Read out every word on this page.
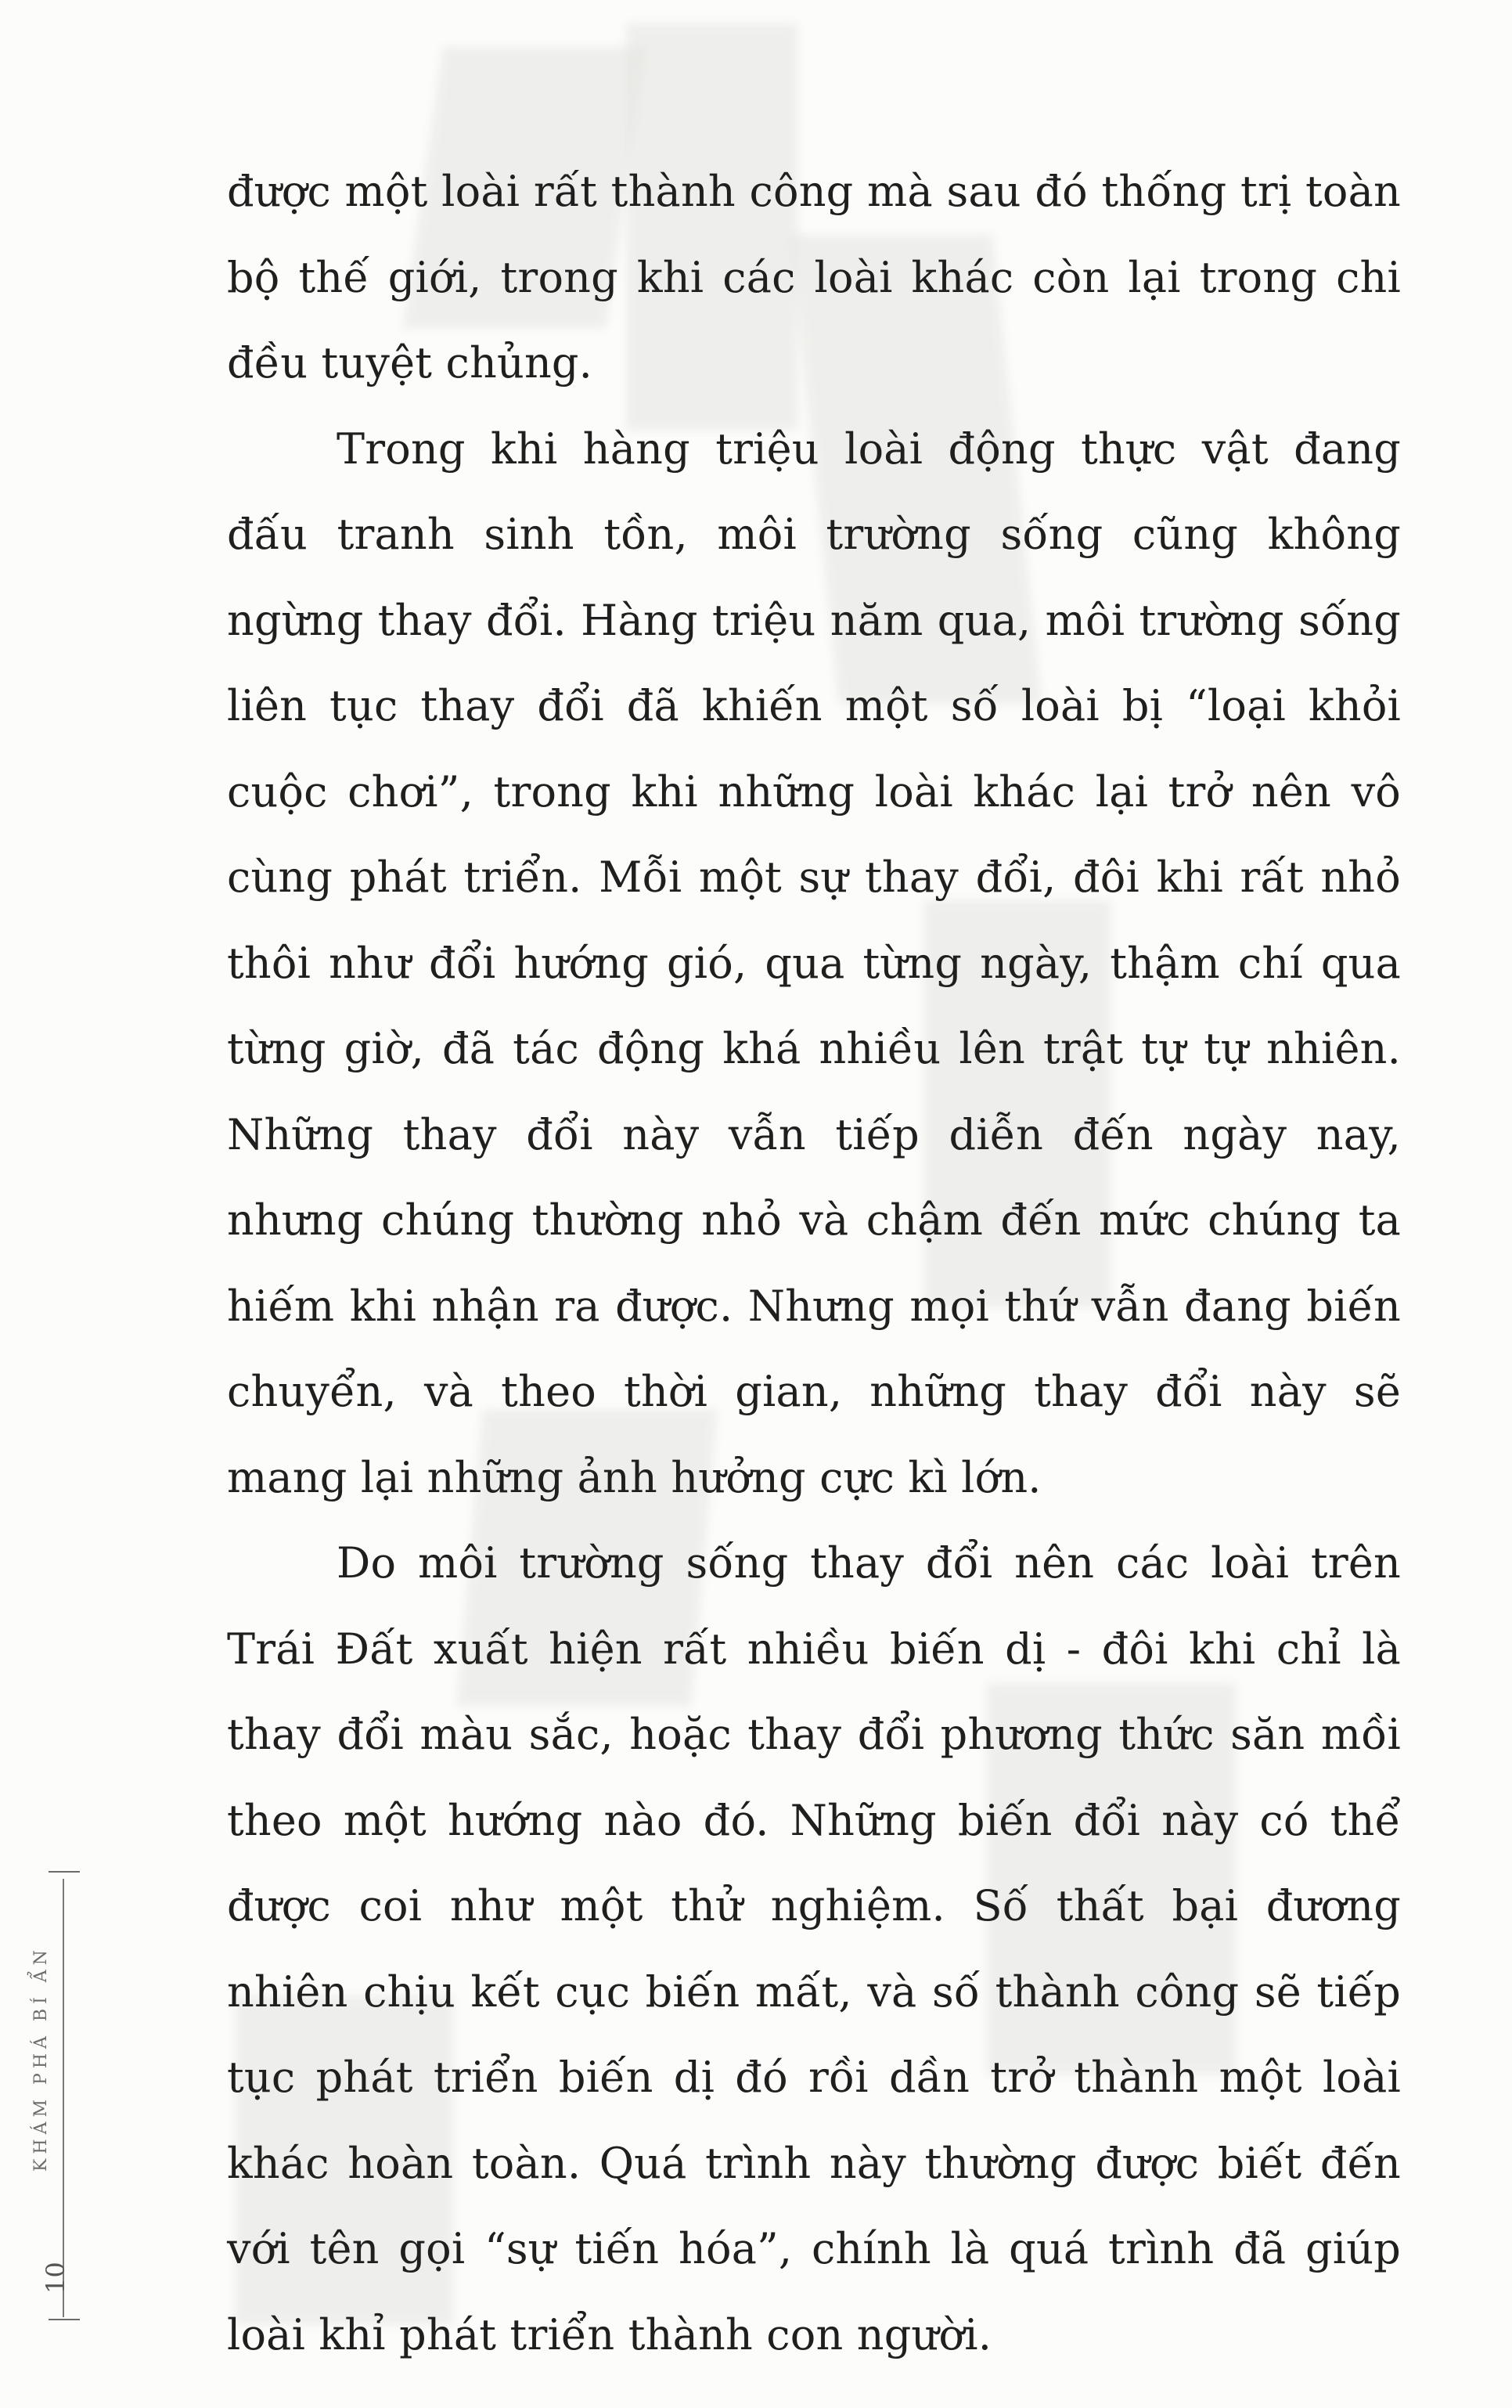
được một loài rất thành công mà sau đó thống trị toàn bộ thế giới, trong khi các loài khác còn lại trong chi đều tuyệt chủng.

Trong khi hàng triệu loài động thực vật đang đấu tranh sinh tồn, môi trường sống cũng không ngừng thay đổi. Hàng triệu năm qua, môi trường sống liên tục thay đổi đã khiến một số loài bị “loại khỏi cuộc chơi”, trong khi những loài khác lại trở nên vô cùng phát triển. Mỗi một sự thay đổi, đôi khi rất nhỏ thôi như đổi hướng gió, qua từng ngày, thậm chí qua từng giờ, đã tác động khá nhiều lên trật tự tự nhiên. Những thay đổi này vẫn tiếp diễn đến ngày nay, nhưng chúng thường nhỏ và chậm đến mức chúng ta hiếm khi nhận ra được. Nhưng mọi thứ vẫn đang biến chuyển, và theo thời gian, những thay đổi này sẽ mang lại những ảnh hưởng cực kì lớn.

Do môi trường sống thay đổi nên các loài trên Trái Đất xuất hiện rất nhiều biến dị - đôi khi chỉ là thay đổi màu sắc, hoặc thay đổi phương thức săn mồi theo một hướng nào đó. Những biến đổi này có thể được coi như một thử nghiệm. Số thất bại đương nhiên chịu kết cục biến mất, và số thành công sẽ tiếp tục phát triển biến dị đó rồi dần trở thành một loài khác hoàn toàn. Quá trình này thường được biết đến với tên gọi “sự tiến hóa”, chính là quá trình đã giúp loài khỉ phát triển thành con người.

KHÁM PHÁ BÍ ẨN
10
